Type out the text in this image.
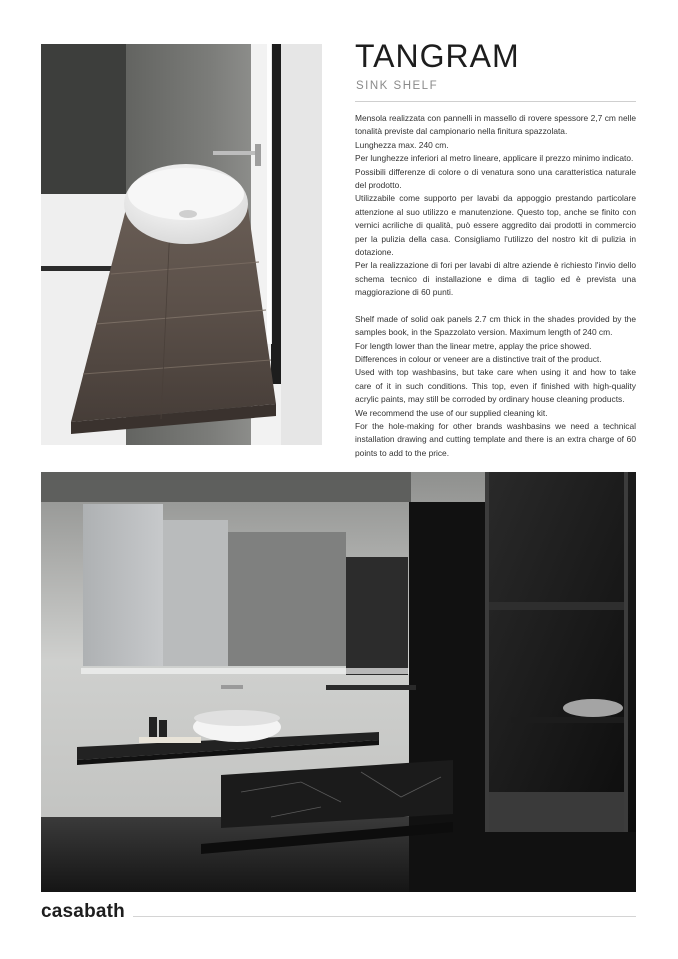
TANGRAM
SINK SHELF

Mensola realizzata con pannelli in massello di rovere spessore 2,7 cm nelle tonalità previste dal campionario nella finitura spazzolata.

Lunghezza max. 240 cm.

Per lunghezze inferiori al metro lineare, applicare il prezzo minimo indicato.

Possibili differenze di colore o di venatura sono una caratteristica naturale del prodotto.

Utilizzabile come supporto per lavabi da appoggio prestando particolare attenzione al suo utilizzo e manutenzione. Questo top, anche se finito con vernici acriliche di qualità, può essere aggredito dai prodotti in commercio per la pulizia della casa. Consigliamo l'utilizzo del nostro kit di pulizia in dotazione.

Per la realizzazione di fori per lavabi di altre aziende è richiesto l'invio dello schema tecnico di installazione e dima di taglio ed è prevista una maggiorazione di 60 punti.

Shelf made of solid oak panels 2.7 cm thick in the shades provided by the samples book, in the Spazzolato version. Maximum length of 240 cm.

For length lower than the linear metre, applay the price showed.

Differences in colour or veneer are a distinctive trait of the product.

Used with top washbasins, but take care when using it and how to take care of it in such conditions. This top, even if finished with high-quality acrylic paints, may still be corroded by ordinary house cleaning products.

We recommend the use of our supplied cleaning kit.

For the hole-making for other brands washbasins we need a technical installation drawing and cutting template and there is an extra charge of 60 points to add to the price.

casabath
